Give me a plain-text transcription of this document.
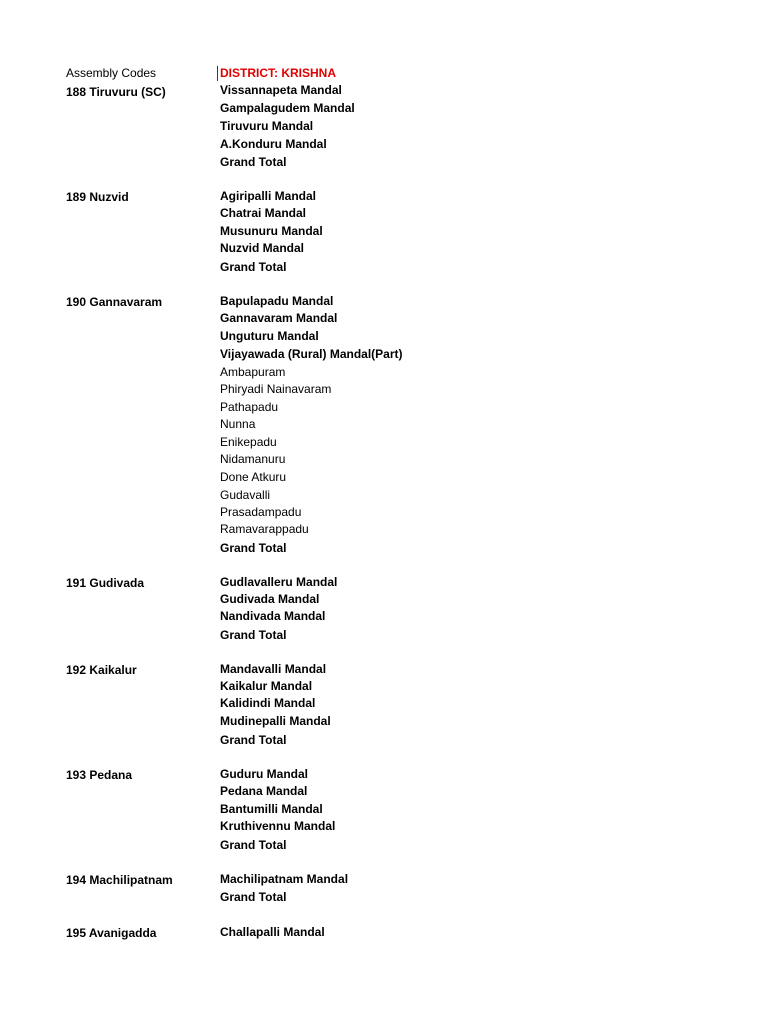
Assembly Codes	DISTRICT: KRISHNA
188 Tiruvuru (SC)	Vissannapeta Mandal
Gampalagudem Mandal
Tiruvuru Mandal
A.Konduru Mandal
Grand Total
189 Nuzvid	Agiripalli Mandal
Chatrai Mandal
Musunuru Mandal
Nuzvid Mandal
Grand Total
190 Gannavaram	Bapulapadu Mandal
Gannavaram Mandal
Unguturu Mandal
Vijayawada (Rural) Mandal(Part)
Ambapuram
Phiryadi Nainavaram
Pathapadu
Nunna
Enikepadu
Nidamanuru
Done Atkuru
Gudavalli
Prasadampadu
Ramavarappadu
Grand Total
191 Gudivada	Gudlavalleru Mandal
Gudivada Mandal
Nandivada Mandal
Grand Total
192 Kaikalur	Mandavalli Mandal
Kaikalur Mandal
Kalidindi Mandal
Mudinepalli Mandal
Grand Total
193 Pedana	Guduru Mandal
Pedana Mandal
Bantumilli Mandal
Kruthivennu Mandal
Grand Total
194 Machilipatnam	Machilipatnam Mandal
Grand Total
195 Avanigadda	Challapalli Mandal
